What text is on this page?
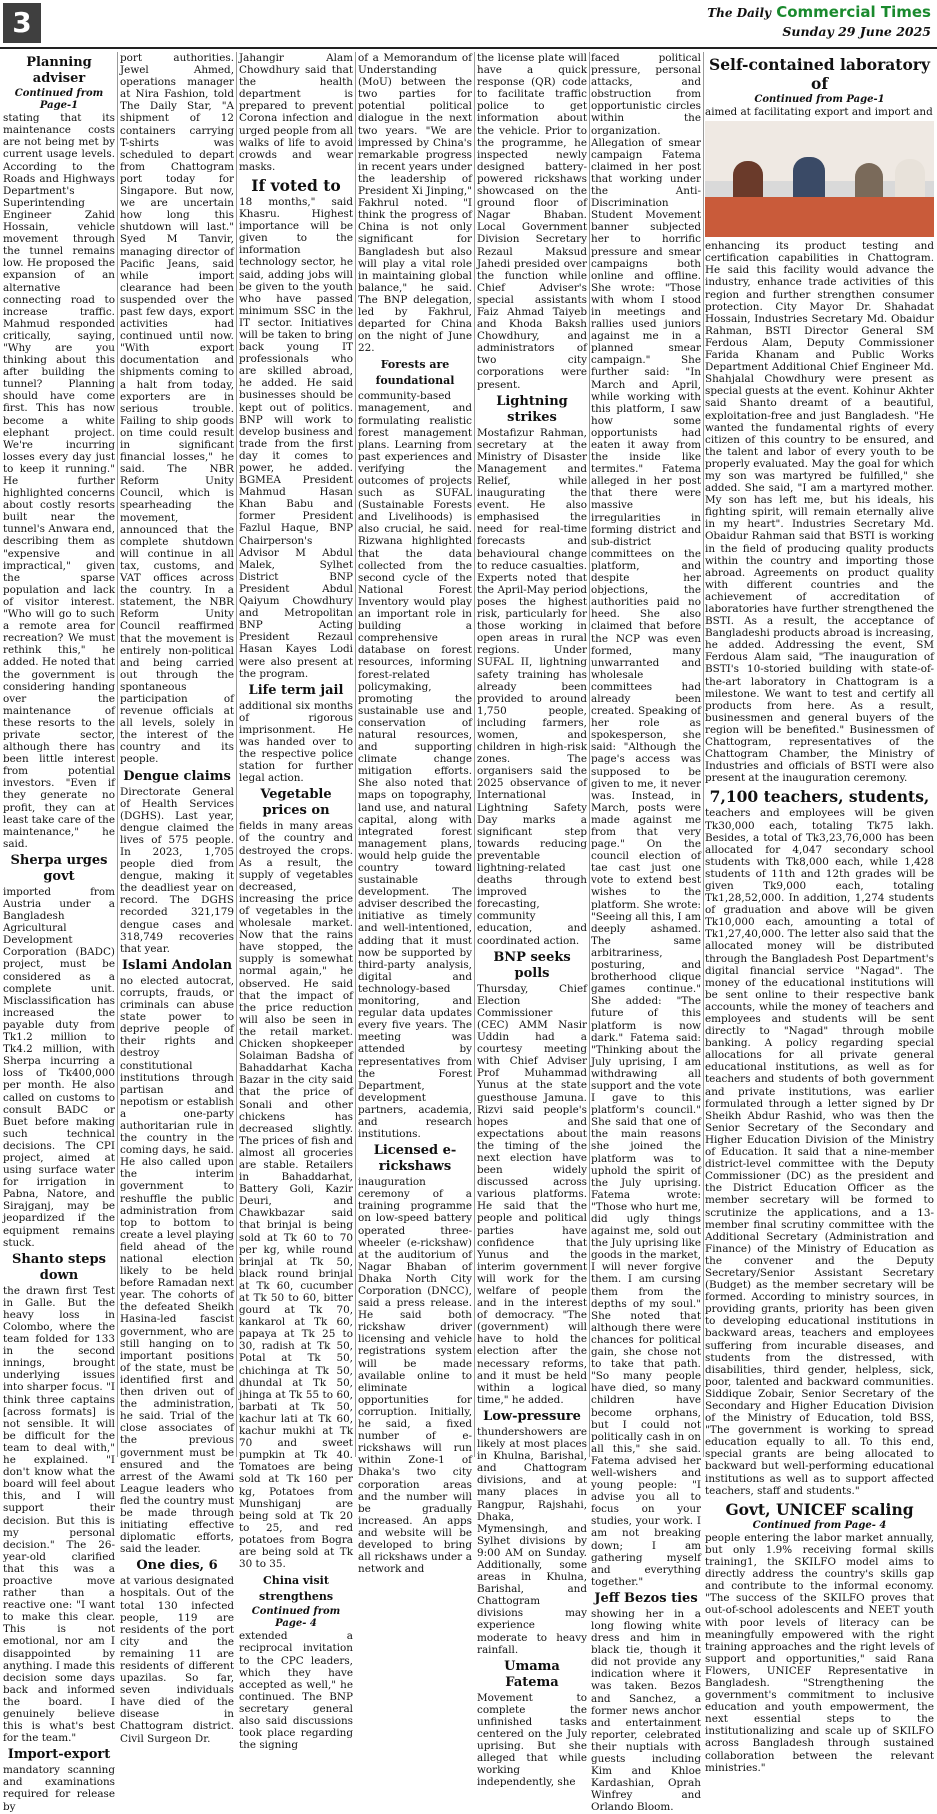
3	The Daily Commercial Times
Sunday 29 June 2025
Planning adviser
Continued from Page-1

stating that its maintenance costs are not being met by current usage levels. According to the Roads and Highways Department's Superintending Engineer Zahid Hossain, vehicle movement through the tunnel remains low. He proposed the expansion of an alternative connecting road to increase traffic. Mahmud responded critically, saying, "Why are you thinking about this after building the tunnel? Planning should have come first. This has now become a white elephant project. We're incurring losses every day just to keep it running." He further highlighted concerns about costly resorts built near the tunnel's Anwara end, describing them as "expensive and impractical," given the sparse population and lack of visitor interest. "Who will go to such a remote area for recreation? We must rethink this," he added. He noted that the government is considering handing over the maintenance of these resorts to the private sector, although there has been little interest from potential investors. "Even if they generate no profit, they can at least take care of the maintenance," he said.

Sherpa urges govt

imported from Austria under a Bangladesh Agricultural Development Corporation (BADC) project, must be considered as a complete unit. Misclassification has increased the payable duty from Tk1.2 million to Tk4.2 million, with Sherpa incurring a loss of Tk400,000 per month. He also called on customs to consult BADC or Buet before making such technical decisions. The CPI project, aimed at using surface water for irrigation in Pabna, Natore, and Sirajganj, may be jeopardized if the equipment remains stuck.

Shanto steps down

the drawn first Test in Galle. But the heavy loss in Colombo, where the team folded for 133 in the second innings, brought underlying issues into sharper focus. "I think three captains [across formats] is not sensible. It will be difficult for the team to deal with," he explained. "I don't know what the board will feel about this, and I will support their decision. But this is my personal decision." The 26-year-old clarified that this was a proactive move rather than a reactive one: "I want to make this clear. This is not emotional, nor am I disappointed by anything. I made this decision some days back and informed the board. I genuinely believe this is what's best for the team."

Import-export

mandatory scanning and examinations required for release by

port authorities. Jewel Ahmed, operations manager at Nira Fashion, told The Daily Star, "A shipment of 12 containers carrying T-shirts was scheduled to depart from Chattogram port today for Singapore. But now, we are uncertain how long this shutdown will last." Syed M Tanvir, managing director of Pacific Jeans, said while import clearance had been suspended over the past few days, export activities had continued until now. "With export documentation and shipments coming to a halt from today, exporters are in serious trouble. Failing to ship goods on time could result in significant financial losses," he said. The NBR Reform Unity Council, which is spearheading the movement, announced that the complete shutdown will continue in all tax, customs, and VAT offices across the country. In a statement, the NBR Reform Unity Council reaffirmed that the movement is entirely non-political and being carried out through the spontaneous participation of revenue officials at all levels, solely in the interest of the country and its people.

Dengue claims

Directorate General of Health Services (DGHS). Last year, dengue claimed the lives of 575 people. In 2023, 1,705 people died from dengue, making it the deadliest year on record. The DGHS recorded 321,179 dengue cases and 318,749 recoveries that year.

Islami Andolan

no elected autocrat, corrupts, frauds, or criminals can abuse state power to deprive people of their rights and destroy constitutional institutions through partisan and nepotism or establish a one-party authoritarian rule in the country in the coming days, he said. He also called upon the interim government to reshuffle the public administration from top to bottom to create a level playing field ahead of the national election likely to be held before Ramadan next year. The cohorts of the defeated Sheikh Hasina-led fascist government, who are still hanging on to important positions of the state, must be identified first and then driven out of the administration, he said. Trial of the close associates of the previous government must be ensured and the arrest of the Awami League leaders who fled the country must be made through initiating effective diplomatic efforts, said the leader.

One dies, 6

at various designated hospitals. Out of the total 130 infected people, 119 are residents of the port city and the remaining 11 are residents of different upazilas. So far, seven individuals have died of the disease in Chattogram district. Civil Surgeon Dr.

Jahangir Alam Chowdhury said that the health department is prepared to prevent Corona infection and urged people from all walks of life to avoid crowds and wear masks.

If voted to

18 months," said Khasru. Highest importance will be given to the information technology sector, he said, adding jobs will be given to the youth who have passed minimum SSC in the IT sector. Initiatives will be taken to bring back young IT professionals who are skilled abroad, he added. He said businesses should be kept out of politics. BNP will work to develop business and trade from the first day it comes to power, he added. BGMEA President Mahmud Hasan Khan Babu and former President Fazlul Haque, BNP Chairperson's Advisor M Abdul Malek, Sylhet District BNP President Abdul Qaiyum Chowdhury and Metropolitan BNP Acting President Rezaul Hasan Kayes Lodi were also present at the program.

Life term jail

additional six months of rigorous imprisonment. He was handed over to the respective police station for further legal action.

Vegetable prices on

fields in many areas of the country and destroyed the crops. As a result, the supply of vegetables decreased, increasing the price of vegetables in the wholesale market. Now that the rains have stopped, the supply is somewhat normal again," he observed. He said that the impact of the price reduction will also be seen in the retail market. Chicken shopkeeper Solaiman Badsha of Bahaddarhat Kacha Bazar in the city said that the price of Sonali and other chickens has decreased slightly. The prices of fish and almost all groceries are stable. Retailers in Bahaddarhat, Battery Goli, Kazir Deuri, and Chawkbazar said that brinjal is being sold at Tk 60 to 70 per kg, while round brinjal at Tk 50, black round brinjal at Tk 60, cucumber at Tk 50 to 60, bitter gourd at Tk 70, kankarol at Tk 60, papaya at Tk 25 to 30, radish at Tk 50, Potal at Tk 50, chichinga at Tk 50, dhundal at Tk 50, jhinga at Tk 55 to 60, barbati at Tk 50, kachur lati at Tk 60, kachur mukhi at Tk 70 and sweet pumpkin at Tk 40. Tomatoes are being sold at Tk 160 per kg, Potatoes from Munshiganj are being sold at Tk 20 to 25, and red potatoes from Bogra are being sold at Tk 30 to 35.

China visit strengthens
Continued from Page- 4

extended a reciprocal invitation to the CPC leaders, which they have accepted as well," he continued. The BNP secretary general also said discussions took place regarding the signing

of a Memorandum of Understanding (MoU) between the two parties for potential political dialogue in the next two years. "We are impressed by China's remarkable progress in recent years under the leadership of President Xi Jinping," Fakhrul noted. "I think the progress of China is not only significant for Bangladesh but also will play a vital role in maintaining global balance," he said. The BNP delegation, led by Fakhrul, departed for China on the night of June 22.

Forests are foundational

community-based management, and formulating realistic forest management plans. Learning from past experiences and verifying the outcomes of projects such as SUFAL (Sustainable Forests and Livelihoods) is also crucial, he said. Rizwana highlighted that the data collected from the second cycle of the National Forest Inventory would play an important role in building a comprehensive database on forest resources, informing forest-related policymaking, promoting the sustainable use and conservation of natural resources, and supporting climate change mitigation efforts. She also noted that maps on topography, land use, and natural capital, along with integrated forest management plans, would help guide the country toward sustainable development. The adviser described the initiative as timely and well-intentioned, adding that it must now be supported by third-party analysis, digital and technology-based monitoring, and regular data updates every five years. The meeting was attended by representatives from the Forest Department, development partners, academia, and research institutions.

Licensed e-rickshaws

inauguration ceremony of a training programme on low-speed battery operated three-wheeler (e-rickshaw) at the auditorium of Nagar Bhaban of Dhaka North City Corporation (DNCC), said a press release. He said both rickshaw driver licensing and vehicle registrations system will be made available online to eliminate opportunities for corruption. Initially, he said, a fixed number of e-rickshaws will run within Zone-1 of Dhaka's two city corporation areas and the number will be gradually increased. An apps and website will be developed to bring all rickshaws under a network and

the license plate will have a quick response (QR) code to facilitate traffic police to get information about the vehicle. Prior to the programme, he inspected newly designed battery-powered rickshaws showcased on the ground floor of Nagar Bhaban. Local Government Division Secretary Rezaul Maksud Jahedi presided over the function while Chief Adviser's special assistants Faiz Ahmad Taiyeb and Khoda Baksh Chowdhury, and administrators of two city corporations were present.

Lightning strikes

Mostafizur Rahman, secretary at the Ministry of Disaster Management and Relief, while inaugurating the event. He also emphasised the need for real-time forecasts and behavioural change to reduce casualties. Experts noted that the April-May period poses the highest risk, particularly for those working in open areas in rural regions. Under SUFAL II, lightning safety training has already been provided to around 1,750 people, including farmers, women, and children in high-risk zones. The organisers said the 2025 observance of International Lightning Safety Day marks a significant step towards reducing preventable lightning-related deaths through improved forecasting, community education, and coordinated action.

BNP seeks polls

Thursday, Chief Election Commissioner (CEC) AMM Nasir Uddin had a courtesy meeting with Chief Adviser Prof Muhammad Yunus at the state guesthouse Jamuna. Rizvi said people's hopes and expectations about the timing of the next election have been widely discussed across various platforms. He said that the people and political parties have confidence that Yunus and the interim government will work for the welfare of people and in the interest of democracy. "The (government) will have to hold the election after the necessary reforms, and it must be held within a logical time," he added.

Low-pressure

thundershowers are likely at most places in Khulna, Barishal, and Chattogram divisions, and at many places in Rangpur, Rajshahi, Dhaka, Mymensingh, and Sylhet divisions by 9:00 AM on Sunday. Additionally, some areas in Khulna, Barishal, and Chattogram divisions may experience moderate to heavy rainfall.

Umama Fatema

Movement to complete the unfinished tasks centered on the July uprising. But she alleged that while working independently, she

faced political pressure, personal attacks, and obstruction from opportunistic circles within the organization. Allegation of smear campaign Fatema claimed in her post that working under the Anti-Discrimination Student Movement banner subjected her to horrific pressure and smear campaigns both online and offline. She wrote: "Those with whom I stood in meetings and rallies used juniors against me in a planned smear campaign." She further said: "In March and April, while working with this platform, I saw how some opportunists had eaten it away from the inside like termites." Fatema alleged in her post that there were massive irregularities in forming district and sub-district committees on the platform, and despite her objections, the authorities paid no heed. She also claimed that before the NCP was even formed, many unwarranted and wholesale committees had already been created. Speaking of her role as spokesperson, she said: "Although the page's access was supposed to be given to me, it never was. Instead, in March, posts were made against me from that very page." On the council election of tae cast just one vote to extend best wishes to the platform. She wrote: "Seeing all this, I am deeply ashamed. The same arbitrariness, posturing, and brotherhood clique games continue." She added: "The future of this platform is now dark." Fatema said: "Thinking about the July uprising, I am withdrawing all support and the vote I gave to this platform's council." She said that one of the main reasons she joined the platform was to uphold the spirit of the July uprising. Fatema wrote: "Those who hurt me, did ugly things against me, sold out the July uprising like goods in the market, I will never forgive them. I am cursing them from the depths of my soul." She noted that although there were chances for political gain, she chose not to take that path. "So many people have died, so many children have become orphans, but I could not politically cash in on all this," she said. Fatema advised her well-wishers and young people: "I advise you all to focus on your studies, your work. I am not breaking down; I am gathering myself and everything together."

Jeff Bezos ties

showing her in a long flowing white dress and him in black tie, though it did not provide any indication where it was taken. Bezos and Sanchez, a former news anchor and entertainment reporter, celebrated their nuptials with guests including Kim and Khloe Kardashian, Oprah Winfrey and Orlando Bloom.

Self-contained laboratory of
Continued from Page-1

aimed at facilitating export and import and

enhancing its product testing and certification capabilities in Chattogram. He said this facility would advance the industry, enhance trade activities of this region and further strengthen consumer protection. City Mayor Dr. Shahadat Hossain, Industries Secretary Md. Obaidur Rahman, BSTI Director General SM Ferdous Alam, Deputy Commissioner Farida Khanam and Public Works Department Additional Chief Engineer Md. Shahjalal Chowdhury were present as special guests at the event. Kohinur Akhter said Shanto dreamt of a beautiful, exploitation-free and just Bangladesh. "He wanted the fundamental rights of every citizen of this country to be ensured, and the talent and labor of every youth to be properly evaluated. May the goal for which my son was martyred be fulfilled," she added. She said, "I am a martyred mother. My son has left me, but his ideals, his fighting spirit, will remain eternally alive in my heart". Industries Secretary Md. Obaidur Rahman said that BSTI is working in the field of producing quality products within the country and importing those abroad. Agreements on product quality with different countries and the achievement of accreditation of laboratories have further strengthened the BSTI. As a result, the acceptance of Bangladeshi products abroad is increasing, he added. Addressing the event, SM Ferdous Alam said, "The inauguration of BSTI's 10-storied building with state-of-the-art laboratory in Chattogram is a milestone. We want to test and certify all products from here. As a result, businessmen and general buyers of the region will be benefited." Businessmen of Chattogram, representatives of the Chattogram Chamber, the Ministry of Industries and officials of BSTI were also present at the inauguration ceremony.

7,100 teachers, students,

teachers and employees will be given Tk30,000 each, totaling Tk75 lakh. Besides, a total of Tk3,23,76,000 has been allocated for 4,047 secondary school students with Tk8,000 each, while 1,428 students of 11th and 12th grades will be given Tk9,000 each, totaling Tk1,28,52,000. In addition, 1,274 students of graduation and above will be given Tk10,000 each, amounting a total of Tk1,27,40,000. The letter also said that the allocated money will be distributed through the Bangladesh Post Department's digital financial service "Nagad". The money of the educational institutions will be sent online to their respective bank accounts, while the money of teachers and employees and students will be sent directly to "Nagad" through mobile banking. A policy regarding special allocations for all private general educational institutions, as well as for teachers and students of both government and private institutions, was earlier formulated through a letter signed by Dr Sheikh Abdur Rashid, who was then the Senior Secretary of the Secondary and Higher Education Division of the Ministry of Education. It said that a nine-member district-level committee with the Deputy Commissioner (DC) as the president and the District Education Officer as the member secretary will be formed to scrutinize the applications, and a 13-member final scrutiny committee with the Additional Secretary (Administration and Finance) of the Ministry of Education as the convener and the Deputy Secretary/Senior Assistant Secretary (Budget) as the member secretary will be formed. According to ministry sources, in providing grants, priority has been given to developing educational institutions in backward areas, teachers and employees suffering from incurable diseases, and students from the distressed, with disabilities, third gender, helpless, sick, poor, talented and backward communities. Siddique Zobair, Senior Secretary of the Secondary and Higher Education Division of the Ministry of Education, told BSS, "The government is working to spread education equally to all. To this end, special grants are being allocated to backward but well-performing educational institutions as well as to support affected teachers, staff and students."

Govt, UNICEF scaling
Continued from Page- 4

people entering the labor market annually, but only 1.9% receiving formal skills training1, the SKILFO model aims to directly address the country's skills gap and contribute to the informal economy. "The success of the SKILFO proves that out-of-school adolescents and NEET youth with poor levels of literacy can be meaningfully empowered with the right training approaches and the right levels of support and opportunities," said Rana Flowers, UNICEF Representative in Bangladesh. "Strengthening the government's commitment to inclusive education and youth empowerment, the next essential steps to the institutionalizing and scale up of SKILFO across Bangladesh through sustained collaboration between the relevant ministries."
